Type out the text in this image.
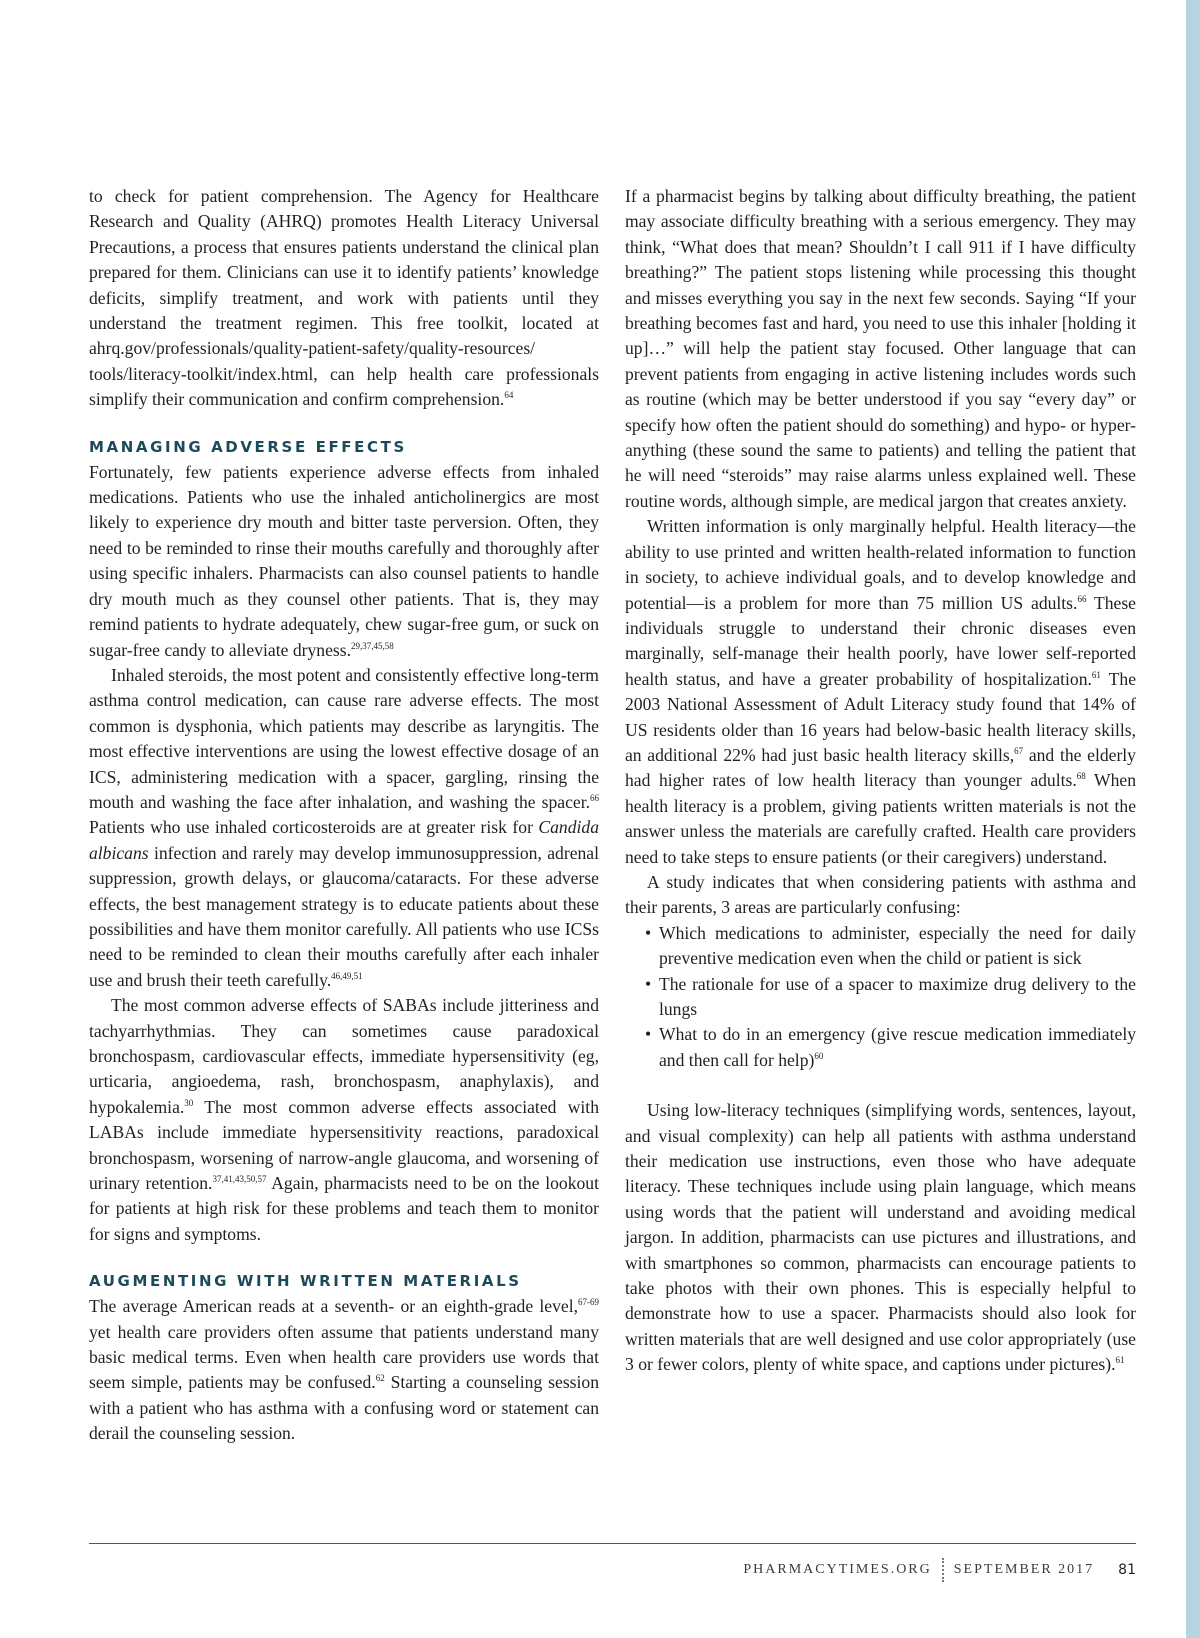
to check for patient comprehension. The Agency for Healthcare Research and Quality (AHRQ) promotes Health Literacy Universal Precautions, a process that ensures patients understand the clinical plan prepared for them. Clinicians can use it to identify patients’ knowledge deficits, simplify treatment, and work with patients until they understand the treatment regimen. This free toolkit, located at ahrq.gov/professionals/quality-patient-safety/quality-resources/ tools/literacy-toolkit/index.html, can help health care professionals simplify their communication and confirm comprehension.$^{64}$

MANAGING ADVERSE EFFECTS

Fortunately, few patients experience adverse effects from inhaled medications. Patients who use the inhaled anticholinergics are most likely to experience dry mouth and bitter taste perversion. Often, they need to be reminded to rinse their mouths carefully and thoroughly after using specific inhalers. Pharmacists can also counsel patients to handle dry mouth much as they counsel other patients. That is, they may remind patients to hydrate adequately, chew sugar-free gum, or suck on sugar-free candy to alleviate dryness.$^{29,37,45,58}$

Inhaled steroids, the most potent and consistently effective long-term asthma control medication, can cause rare adverse effects. The most common is dysphonia, which patients may describe as laryngitis. The most effective interventions are using the lowest effective dosage of an ICS, administering medication with a spacer, gargling, rinsing the mouth and washing the face after inhalation, and washing the spacer.$^{66}$ Patients who use inhaled corticosteroids are at greater risk for Candida albicans infection and rarely may develop immunosuppression, adrenal suppression, growth delays, or glaucoma/cataracts. For these adverse effects, the best management strategy is to educate patients about these possibilities and have them monitor carefully. All patients who use ICSs need to be reminded to clean their mouths carefully after each inhaler use and brush their teeth carefully.$^{46,49,51}$

The most common adverse effects of SABAs include jitteriness and tachyarrhythmias. They can sometimes cause paradoxical bronchospasm, cardiovascular effects, immediate hypersensitivity (eg, urticaria, angioedema, rash, bronchospasm, anaphylaxis), and hypokalemia.$^{30}$ The most common adverse effects associated with LABAs include immediate hypersensitivity reactions, paradoxical bronchospasm, worsening of narrow-angle glaucoma, and worsening of urinary retention.$^{37,41,43,50,57}$ Again, pharmacists need to be on the lookout for patients at high risk for these problems and teach them to monitor for signs and symptoms.

AUGMENTING WITH WRITTEN MATERIALS

The average American reads at a seventh- or an eighth-grade level,$^{67-69}$ yet health care providers often assume that patients understand many basic medical terms. Even when health care providers use words that seem simple, patients may be confused.$^{62}$ Starting a counseling session with a patient who has asthma with a confusing word or statement can derail the counseling session.

If a pharmacist begins by talking about difficulty breathing, the patient may associate difficulty breathing with a serious emergency. They may think, “What does that mean? Shouldn’t I call 911 if I have difficulty breathing?” The patient stops listening while processing this thought and misses everything you say in the next few seconds. Saying “If your breathing becomes fast and hard, you need to use this inhaler [holding it up]…” will help the patient stay focused. Other language that can prevent patients from engaging in active listening includes words such as routine (which may be better understood if you say “every day” or specify how often the patient should do something) and hypo- or hyper- anything (these sound the same to patients) and telling the patient that he will need “steroids” may raise alarms unless explained well. These routine words, although simple, are medical jargon that creates anxiety.

Written information is only marginally helpful. Health literacy—the ability to use printed and written health-related information to function in society, to achieve individual goals, and to develop knowledge and potential—is a problem for more than 75 million US adults.$^{66}$ These individuals struggle to understand their chronic diseases even marginally, self-manage their health poorly, have lower self-reported health status, and have a greater probability of hospitalization.$^{61}$ The 2003 National Assessment of Adult Literacy study found that 14% of US residents older than 16 years had below-basic health literacy skills, an additional 22% had just basic health literacy skills,$^{67}$ and the elderly had higher rates of low health literacy than younger adults.$^{68}$ When health literacy is a problem, giving patients written materials is not the answer unless the materials are carefully crafted. Health care providers need to take steps to ensure patients (or their caregivers) understand.

A study indicates that when considering patients with asthma and their parents, 3 areas are particularly confusing:

• Which medications to administer, especially the need for daily preventive medication even when the child or patient is sick
• The rationale for use of a spacer to maximize drug delivery to the lungs
• What to do in an emergency (give rescue medication immediately and then call for help)$^{60}$

Using low-literacy techniques (simplifying words, sentences, layout, and visual complexity) can help all patients with asthma understand their medication use instructions, even those who have adequate literacy. These techniques include using plain language, which means using words that the patient will understand and avoiding medical jargon. In addition, pharmacists can use pictures and illustrations, and with smartphones so common, pharmacists can encourage patients to take photos with their own phones. This is especially helpful to demonstrate how to use a spacer. Pharmacists should also look for written materials that are well designed and use color appropriately (use 3 or fewer colors, plenty of white space, and captions under pictures).$^{61}$

PHARMACYTIMES.ORG SEPTEMBER 2017 81
